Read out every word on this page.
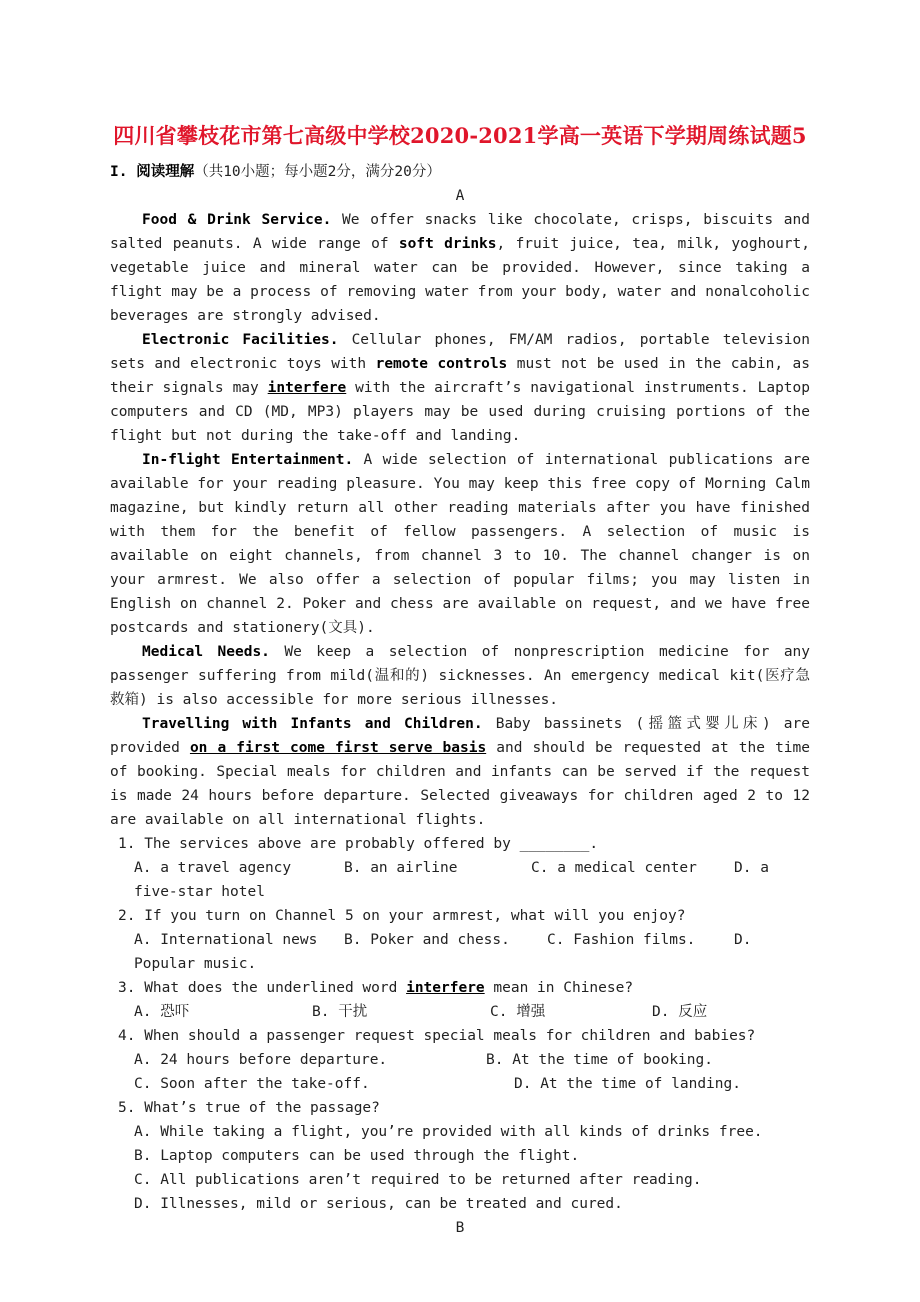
四川省攀枝花市第七高级中学校2020-2021学高一英语下学期周练试题5
I. 阅读理解（共10小题；每小题2分，满分20分）
A

Food & Drink Service. We offer snacks like chocolate, crisps, biscuits and salted peanuts. A wide range of soft drinks, fruit juice, tea, milk, yoghourt, vegetable juice and mineral water can be provided. However, since taking a flight may be a process of removing water from your body, water and nonalcoholic beverages are strongly advised.

Electronic Facilities. Cellular phones, FM/AM radios, portable television sets and electronic toys with remote controls must not be used in the cabin, as their signals may interfere with the aircraft’s navigational instruments. Laptop computers and CD (MD, MP3) players may be used during cruising portions of the flight but not during the take-off and landing.

In-flight Entertainment. A wide selection of international publications are available for your reading pleasure. You may keep this free copy of Morning Calm magazine, but kindly return all other reading materials after you have finished with them for the benefit of fellow passengers. A selection of music is available on eight channels, from channel 3 to 10. The channel changer is on your armrest. We also offer a selection of popular films; you may listen in English on channel 2. Poker and chess are available on request, and we have free postcards and stationery(文具).

Medical Needs. We keep a selection of nonprescription medicine for any passenger suffering from mild(温和的) sicknesses. An emergency medical kit(医疗急救箱) is also accessible for more serious illnesses.

Travelling with Infants and Children. Baby bassinets (摇篮式婴儿床) are provided on a first come first serve basis and should be requested at the time of booking. Special meals for children and infants can be served if the request is made 24 hours before departure. Selected giveaways for children aged 2 to 12 are available on all international flights.

1. The services above are probably offered by ________.
A. a travel agency	B. an airline	C. a medical center	D. a five-star hotel
2. If you turn on Channel 5 on your armrest, what will you enjoy?
A. International news B. Poker and chess.	C. Fashion films.	D. Popular music.
3. What does the underlined word interfere mean in Chinese?
A. 恐吓	B. 干扰	C. 增强	D. 反应
4. When should a passenger request special meals for children and babies?
A. 24 hours before departure.	B. At the time of booking.
C. Soon after the take-off.	D. At the time of landing.
5. What’s true of the passage?
A. While taking a flight, you’re provided with all kinds of drinks free.
B. Laptop computers can be used through the flight.
C. All publications aren’t required to be returned after reading.
D. Illnesses, mild or serious, can be treated and cured.
B
